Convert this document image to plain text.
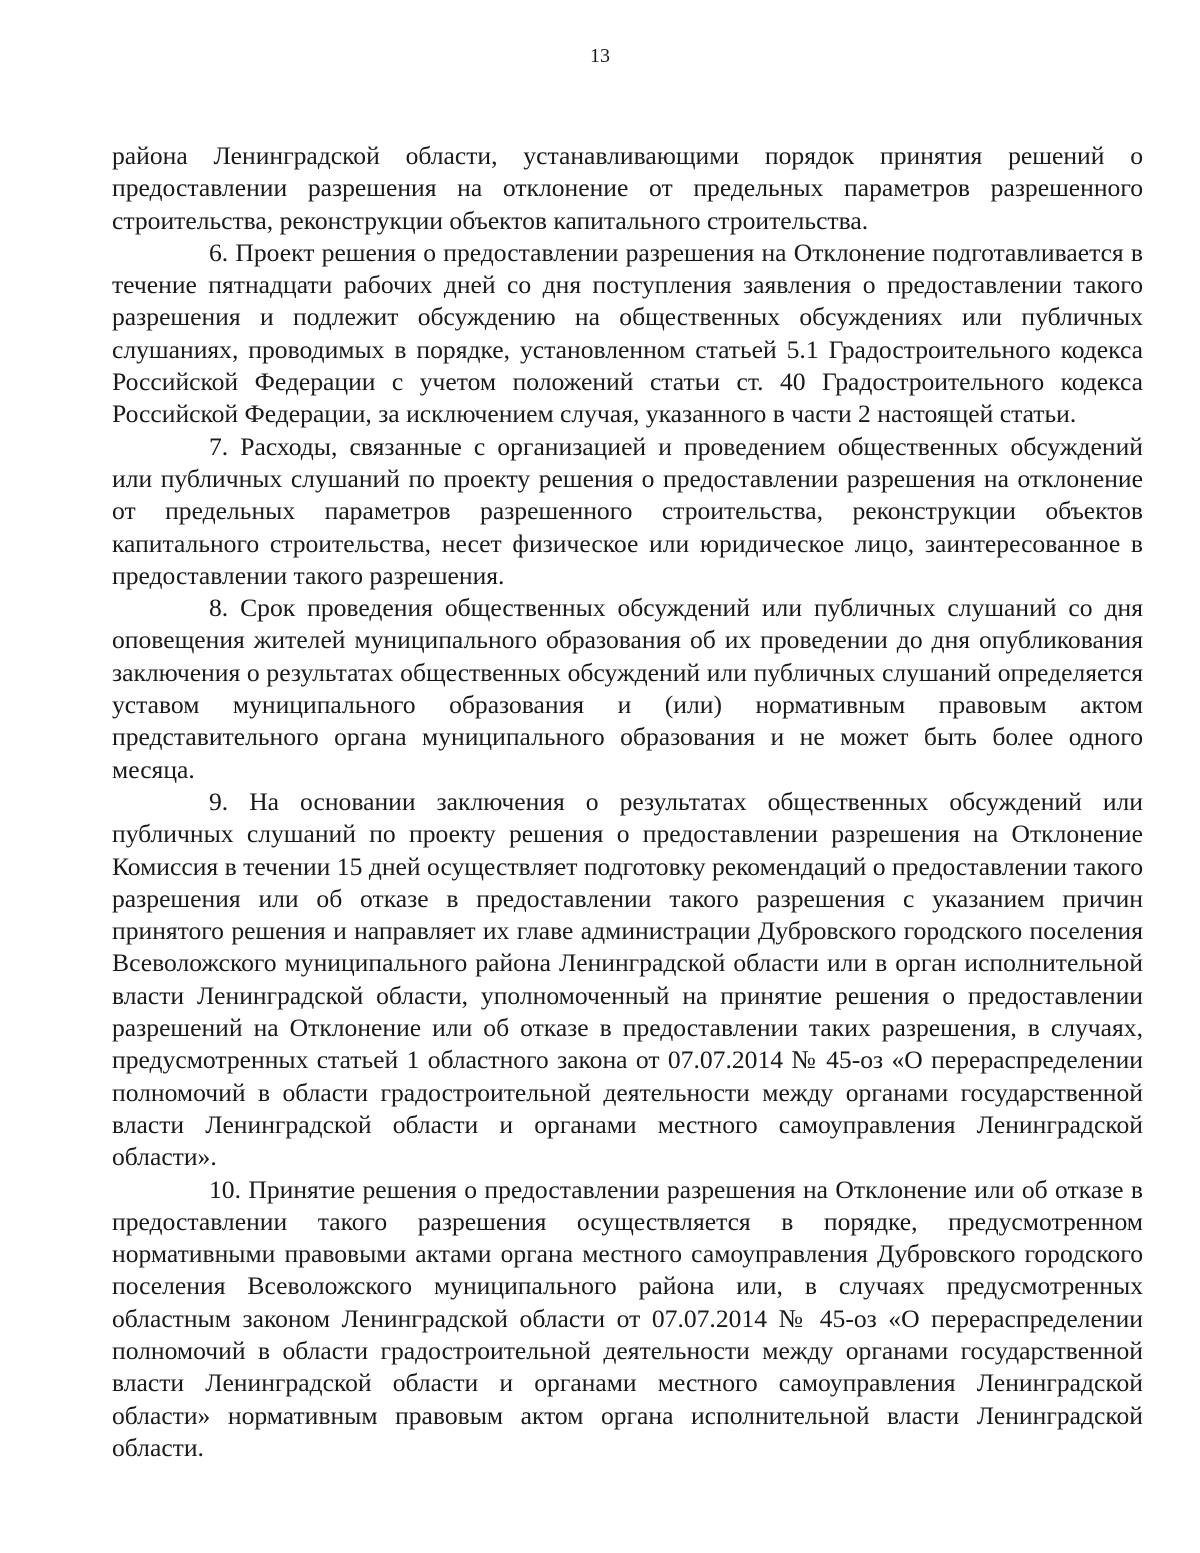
13

района Ленинградской области, устанавливающими порядок принятия решений о предоставлении разрешения на отклонение от предельных параметров разрешенного строительства, реконструкции объектов капитального строительства.

6. Проект решения о предоставлении разрешения на Отклонение подготавливается в течение пятнадцати рабочих дней со дня поступления заявления о предоставлении такого разрешения и подлежит обсуждению на общественных обсуждениях или публичных слушаниях, проводимых в порядке, установленном статьей 5.1 Градостроительного кодекса Российской Федерации с учетом положений статьи ст. 40 Градостроительного кодекса Российской Федерации, за исключением случая, указанного в части 2 настоящей статьи.

7. Расходы, связанные с организацией и проведением общественных обсуждений или публичных слушаний по проекту решения о предоставлении разрешения на отклонение от предельных параметров разрешенного строительства, реконструкции объектов капитального строительства, несет физическое или юридическое лицо, заинтересованное в предоставлении такого разрешения.

8. Срок проведения общественных обсуждений или публичных слушаний со дня оповещения жителей муниципального образования об их проведении до дня опубликования заключения о результатах общественных обсуждений или публичных слушаний определяется уставом муниципального образования и (или) нормативным правовым актом представительного органа муниципального образования и не может быть более одного месяца.

9. На основании заключения о результатах общественных обсуждений или публичных слушаний по проекту решения о предоставлении разрешения на Отклонение Комиссия в течении 15 дней осуществляет подготовку рекомендаций о предоставлении такого разрешения или об отказе в предоставлении такого разрешения с указанием причин принятого решения и направляет их главе администрации Дубровского городского поселения Всеволожского муниципального района Ленинградской области или в орган исполнительной власти Ленинградской области, уполномоченный на принятие решения о предоставлении разрешений на Отклонение или об отказе в предоставлении таких разрешения, в случаях, предусмотренных статьей 1 областного закона от 07.07.2014 № 45-оз «О перераспределении полномочий в области градостроительной деятельности между органами государственной власти Ленинградской области и органами местного самоуправления Ленинградской области».

10. Принятие решения о предоставлении разрешения на Отклонение или об отказе в предоставлении такого разрешения осуществляется в порядке, предусмотренном нормативными правовыми актами органа местного самоуправления Дубровского городского поселения Всеволожского муниципального района или, в случаях предусмотренных областным законом Ленинградской области от 07.07.2014 № 45-оз «О перераспределении полномочий в области градостроительной деятельности между органами государственной власти Ленинградской области и органами местного самоуправления Ленинградской области» нормативным правовым актом органа исполнительной власти Ленинградской области.
